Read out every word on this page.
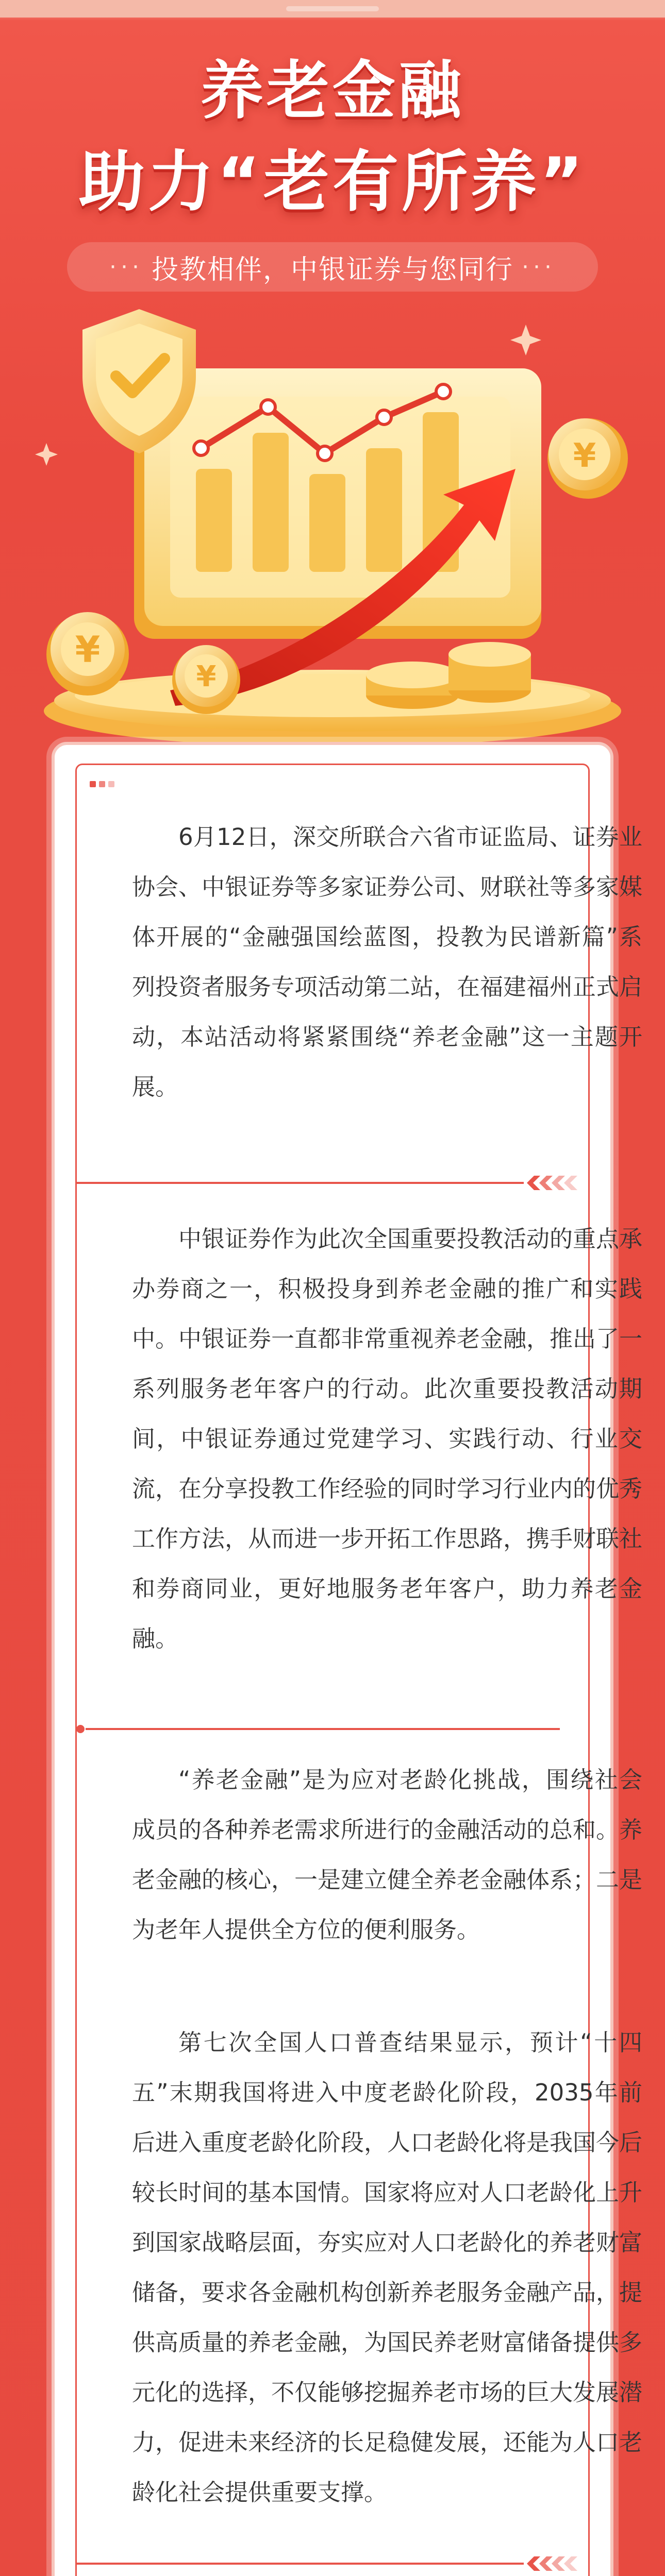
养老金融
助力“老有所养”
··· 投教相伴，中银证券与您同行 ···
¥
¥
¥
6月12日，深交所联合六省市证监局、证券业协会、中银证券等多家证券公司、财联社等多家媒体开展的“金融强国绘蓝图，投教为民谱新篇”系列投资者服务专项活动第二站，在福建福州正式启动，本站活动将紧紧围绕“养老金融”这一主题开展。
中银证券作为此次全国重要投教活动的重点承办券商之一，积极投身到养老金融的推广和实践中。中银证券一直都非常重视养老金融，推出了一系列服务老年客户的行动。此次重要投教活动期间，中银证券通过党建学习、实践行动、行业交流，在分享投教工作经验的同时学习行业内的优秀工作方法，从而进一步开拓工作思路，携手财联社和券商同业，更好地服务老年客户，助力养老金融。
“养老金融”是为应对老龄化挑战，围绕社会成员的各种养老需求所进行的金融活动的总和。养老金融的核心，一是建立健全养老金融体系；二是为老年人提供全方位的便利服务。
第七次全国人口普查结果显示，预计“十四五”末期我国将进入中度老龄化阶段，2035年前后进入重度老龄化阶段，人口老龄化将是我国今后较长时间的基本国情。国家将应对人口老龄化上升到国家战略层面，夯实应对人口老龄化的养老财富储备，要求各金融机构创新养老服务金融产品，提供高质量的养老金融，为国民养老财富储备提供多元化的选择，不仅能够挖掘养老市场的巨大发展潜力，促进未来经济的长足稳健发展，还能为人口老龄化社会提供重要支撑。
